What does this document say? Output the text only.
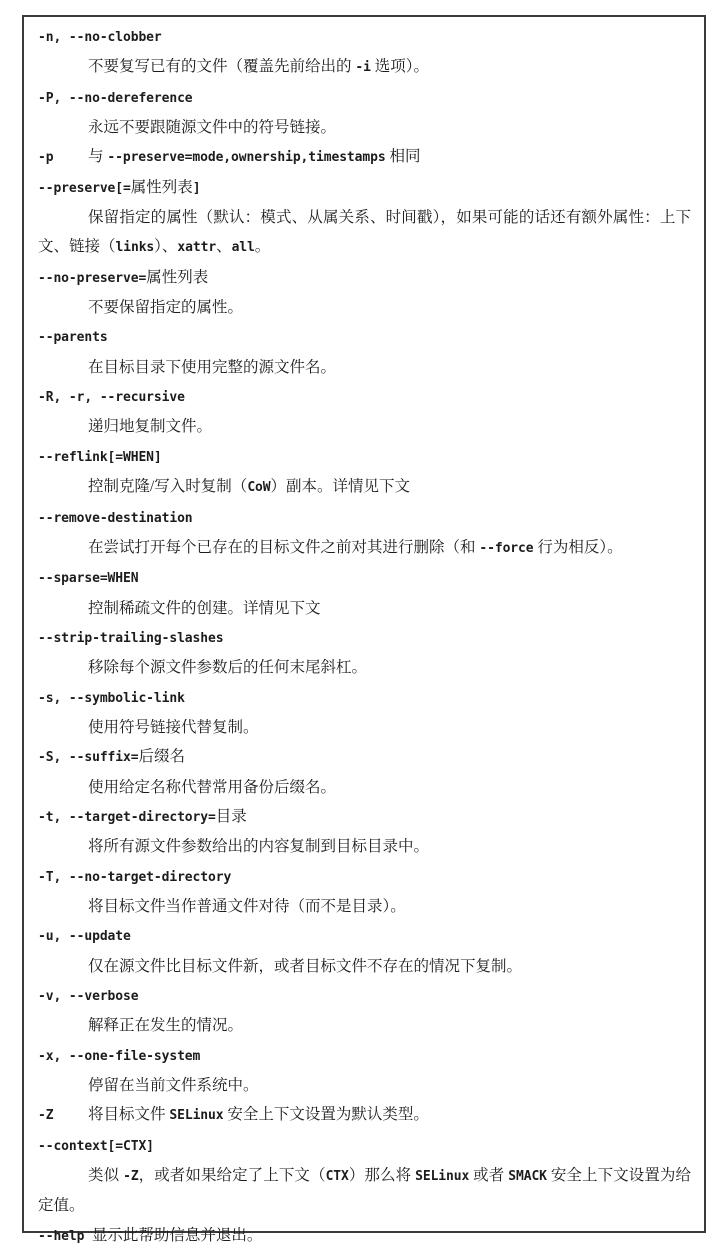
-n, --no-clobber

不要复写已有的文件（覆盖先前给出的 -i 选项）。

-P, --no-dereference

永远不要跟随源文件中的符号链接。

-p 与 --preserve=mode,ownership,timestamps 相同

--preserve[=属性列表]

保留指定的属性（默认：模式、从属关系、时间戳），如果可能的话还有额外属性：上下文、链接（links）、xattr、all。

--no-preserve=属性列表

不要保留指定的属性。

--parents

在目标目录下使用完整的源文件名。

-R, -r, --recursive

递归地复制文件。

--reflink[=WHEN]

控制克隆/写入时复制（CoW）副本。详情见下文

--remove-destination

在尝试打开每个已存在的目标文件之前对其进行删除（和 --force 行为相反）。

--sparse=WHEN

控制稀疏文件的创建。详情见下文

--strip-trailing-slashes

移除每个源文件参数后的任何末尾斜杠。

-s, --symbolic-link

使用符号链接代替复制。

-S, --suffix=后缀名

使用给定名称代替常用备份后缀名。

-t, --target-directory=目录

将所有源文件参数给出的内容复制到目标目录中。

-T, --no-target-directory

将目标文件当作普通文件对待（而不是目录）。

-u, --update

仅在源文件比目标文件新，或者目标文件不存在的情况下复制。

-v, --verbose

解释正在发生的情况。

-x, --one-file-system

停留在当前文件系统中。

-Z 将目标文件 SELinux 安全上下文设置为默认类型。

--context[=CTX]

类似 -Z，或者如果给定了上下文（CTX）那么将 SELinux 或者 SMACK 安全上下文设置为给定值。

--help 显示此帮助信息并退出。
